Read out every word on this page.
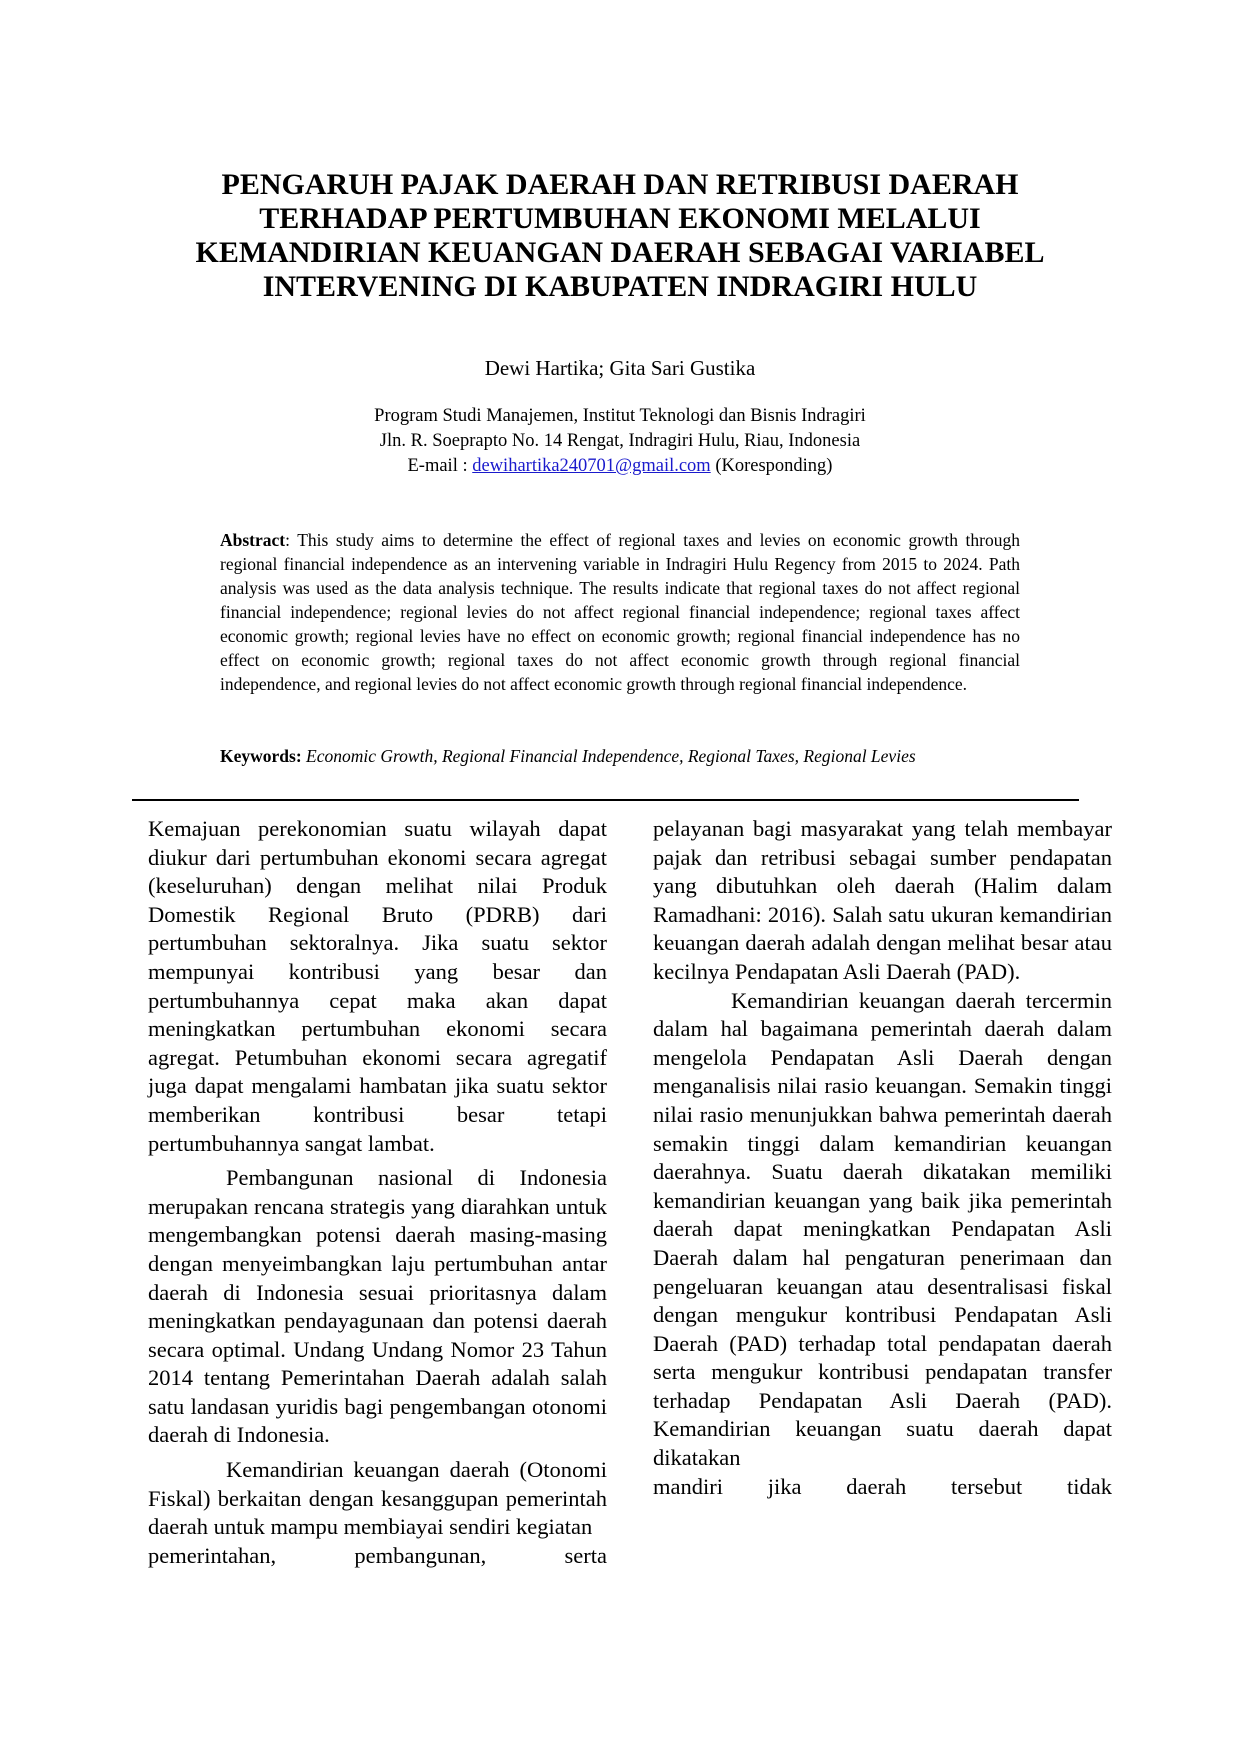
PENGARUH PAJAK DAERAH DAN RETRIBUSI DAERAH
TERHADAP PERTUMBUHAN EKONOMI MELALUI
KEMANDIRIAN KEUANGAN DAERAH SEBAGAI VARIABEL
INTERVENING DI KABUPATEN INDRAGIRI HULU
Dewi Hartika; Gita Sari Gustika
Program Studi Manajemen, Institut Teknologi dan Bisnis Indragiri
Jln. R. Soeprapto No. 14 Rengat, Indragiri Hulu, Riau, Indonesia
E-mail : dewihartika240701@gmail.com (Koresponding)
Abstract: This study aims to determine the effect of regional taxes and levies on economic growth through regional financial independence as an intervening variable in Indragiri Hulu Regency from 2015 to 2024. Path analysis was used as the data analysis technique. The results indicate that regional taxes do not affect regional financial independence; regional levies do not affect regional financial independence; regional taxes affect economic growth; regional levies have no effect on economic growth; regional financial independence has no effect on economic growth; regional taxes do not affect economic growth through regional financial independence, and regional levies do not affect economic growth through regional financial independence.
Keywords: Economic Growth, Regional Financial Independence, Regional Taxes, Regional Levies

Kemajuan perekonomian suatu wilayah dapat diukur dari pertumbuhan ekonomi secara agregat (keseluruhan) dengan melihat nilai Produk Domestik Regional Bruto (PDRB) dari pertumbuhan sektoralnya. Jika suatu sektor mempunyai kontribusi yang besar dan pertumbuhannya cepat maka akan dapat meningkatkan pertumbuhan ekonomi secara agregat. Petumbuhan ekonomi secara agregatif juga dapat mengalami hambatan jika suatu sektor memberikan kontribusi besar tetapi pertumbuhannya sangat lambat.

Pembangunan nasional di Indonesia merupakan rencana strategis yang diarahkan untuk mengembangkan potensi daerah masing-masing dengan menyeimbangkan laju pertumbuhan antar daerah di Indonesia sesuai prioritasnya dalam meningkatkan pendayagunaan dan potensi daerah secara optimal. Undang Undang Nomor 23 Tahun 2014 tentang Pemerintahan Daerah adalah salah satu landasan yuridis bagi pengembangan otonomi daerah di Indonesia.

Kemandirian keuangan daerah (Otonomi Fiskal) berkaitan dengan kesanggupan pemerintah daerah untuk mampu membiayai sendiri kegiatan

pemerintahan,	pembangunan,	serta

pelayanan bagi masyarakat yang telah membayar pajak dan retribusi sebagai sumber pendapatan yang dibutuhkan oleh daerah (Halim dalam Ramadhani: 2016). Salah satu ukuran kemandirian keuangan daerah adalah dengan melihat besar atau kecilnya Pendapatan Asli Daerah (PAD).

Kemandirian keuangan daerah tercermin dalam hal bagaimana pemerintah daerah dalam mengelola Pendapatan Asli Daerah dengan menganalisis nilai rasio keuangan. Semakin tinggi nilai rasio menunjukkan bahwa pemerintah daerah semakin tinggi dalam kemandirian keuangan daerahnya. Suatu daerah dikatakan memiliki kemandirian keuangan yang baik jika pemerintah daerah dapat meningkatkan Pendapatan Asli Daerah dalam hal pengaturan penerimaan dan pengeluaran keuangan atau desentralisasi fiskal dengan mengukur kontribusi Pendapatan Asli Daerah (PAD) terhadap total pendapatan daerah serta mengukur kontribusi pendapatan transfer terhadap Pendapatan Asli Daerah (PAD). Kemandirian keuangan suatu daerah dapat dikatakan

mandiri jika daerah tersebut tidak
